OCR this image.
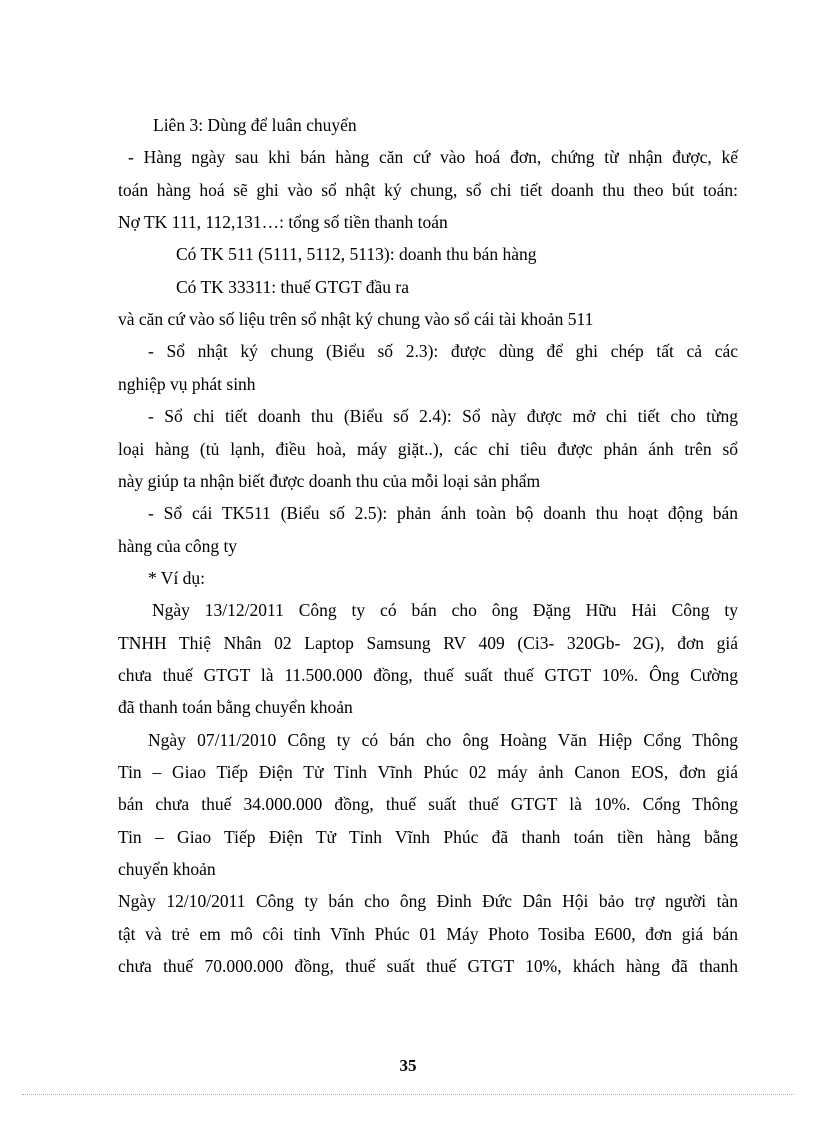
Liên 3: Dùng để luân chuyển
- Hàng ngày sau khi bán hàng căn cứ vào hoá đơn, chứng từ nhận được, kế
toán hàng hoá sẽ ghi vào sổ nhật ký chung, sổ chi tiết doanh thu theo bút toán:
Nợ TK 111, 112,131…: tổng số tiền thanh toán
Có TK 511 (5111, 5112, 5113): doanh thu bán hàng
Có TK 33311: thuế GTGT đầu ra
và căn cứ vào số liệu trên sổ nhật ký chung vào sổ cái tài khoản 511
- Sổ nhật ký chung (Biểu số 2.3): được dùng để ghi chép tất cả các
nghiệp vụ phát sinh
- Sổ chi tiết doanh thu (Biểu số 2.4): Sổ này được mở chi tiết cho từng
loại hàng (tủ lạnh, điều hoà, máy giặt..), các chỉ tiêu được phản ánh trên sổ
này giúp ta nhận biết được doanh thu của mỗi loại sản phẩm
- Sổ cái TK511 (Biểu số 2.5): phản ánh toàn bộ doanh thu hoạt động bán
hàng của công ty
* Ví dụ:
Ngày 13/12/2011 Công ty có bán cho ông Đặng Hữu Hải Công ty
TNHH Thiệ Nhân 02 Laptop Samsung RV 409 (Ci3- 320Gb- 2G), đơn giá
chưa thuế GTGT là 11.500.000 đồng, thuế suất thuế GTGT 10%. Ông Cường
đã thanh toán bằng chuyển khoản
Ngày 07/11/2010 Công ty có bán cho ông Hoàng Văn Hiệp Cổng Thông
Tin – Giao Tiếp Điện Tử Tỉnh Vĩnh Phúc 02 máy ảnh Canon EOS, đơn giá
bán chưa thuế 34.000.000 đồng, thuế suất thuế GTGT là 10%. Cổng Thông
Tin – Giao Tiếp Điện Tử Tỉnh Vĩnh Phúc đã thanh toán tiền hàng bằng
chuyển khoản
Ngày 12/10/2011 Công ty bán cho ông Đinh Đức Dân Hội bảo trợ người tàn
tật và trẻ em mô côi tỉnh Vĩnh Phúc 01 Máy Photo Tosiba E600, đơn giá bán
chưa thuế 70.000.000 đồng, thuế suất thuế GTGT 10%, khách hàng đã thanh
35
